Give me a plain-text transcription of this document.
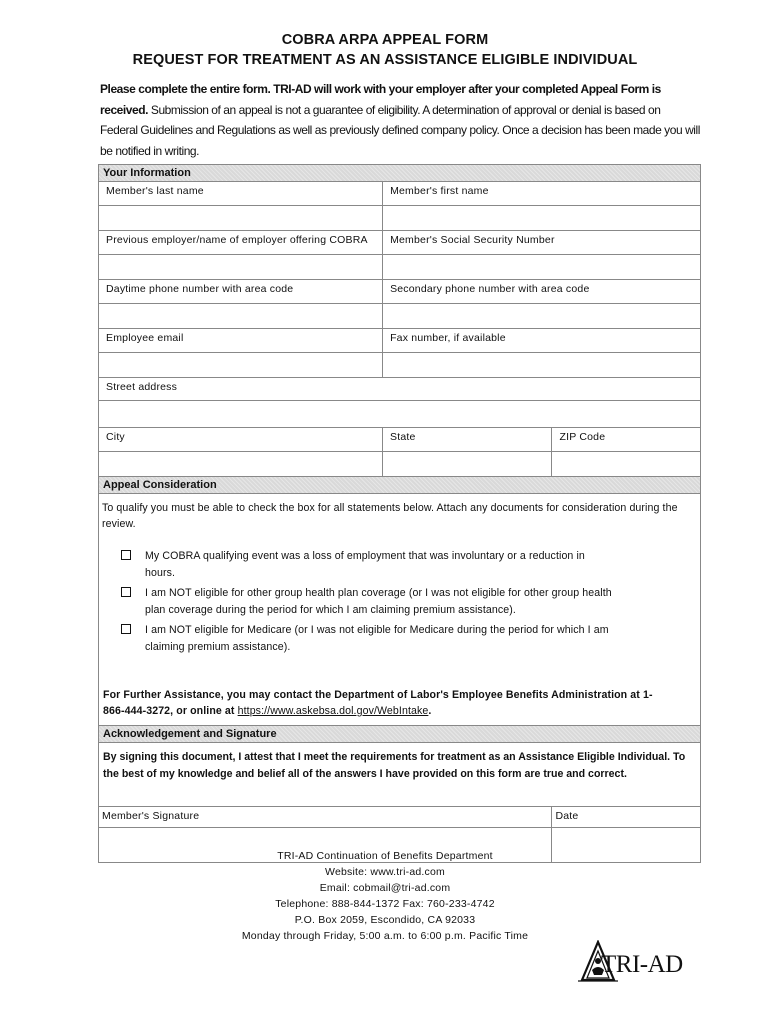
COBRA ARPA APPEAL FORM
REQUEST FOR TREATMENT AS AN ASSISTANCE ELIGIBLE INDIVIDUAL
Please complete the entire form. TRI-AD will work with your employer after your completed Appeal Form is received. Submission of an appeal is not a guarantee of eligibility. A determination of approval or denial is based on Federal Guidelines and Regulations as well as previously defined company policy. Once a decision has been made you will be notified in writing.
Your Information
Member's last name	Member's first name
Previous employer/name of employer offering COBRA	Member's Social Security Number
Daytime phone number with area code	Secondary phone number with area code
Employee email	Fax number, if available
Street address
City	State	ZIP Code
Appeal Consideration
To qualify you must be able to check the box for all statements below. Attach any documents for consideration during the review.
My COBRA qualifying event was a loss of employment that was involuntary or a reduction in hours.
I am NOT eligible for other group health plan coverage (or I was not eligible for other group health plan coverage during the period for which I am claiming premium assistance).
I am NOT eligible for Medicare (or I was not eligible for Medicare during the period for which I am claiming premium assistance).
For Further Assistance, you may contact the Department of Labor's Employee Benefits Administration at 1-866-444-3272, or online at https://www.askebsa.dol.gov/WebIntake.
Acknowledgement and Signature
By signing this document, I attest that I meet the requirements for treatment as an Assistance Eligible Individual. To the best of my knowledge and belief all of the answers I have provided on this form are true and correct.
Member's Signature	Date
TRI-AD Continuation of Benefits Department
Website: www.tri-ad.com
Email: cobmail@tri-ad.com
Telephone: 888-844-1372 Fax: 760-233-4742
P.O. Box 2059, Escondido, CA 92033
Monday through Friday, 5:00 a.m. to 6:00 p.m. Pacific Time
TRI-AD
